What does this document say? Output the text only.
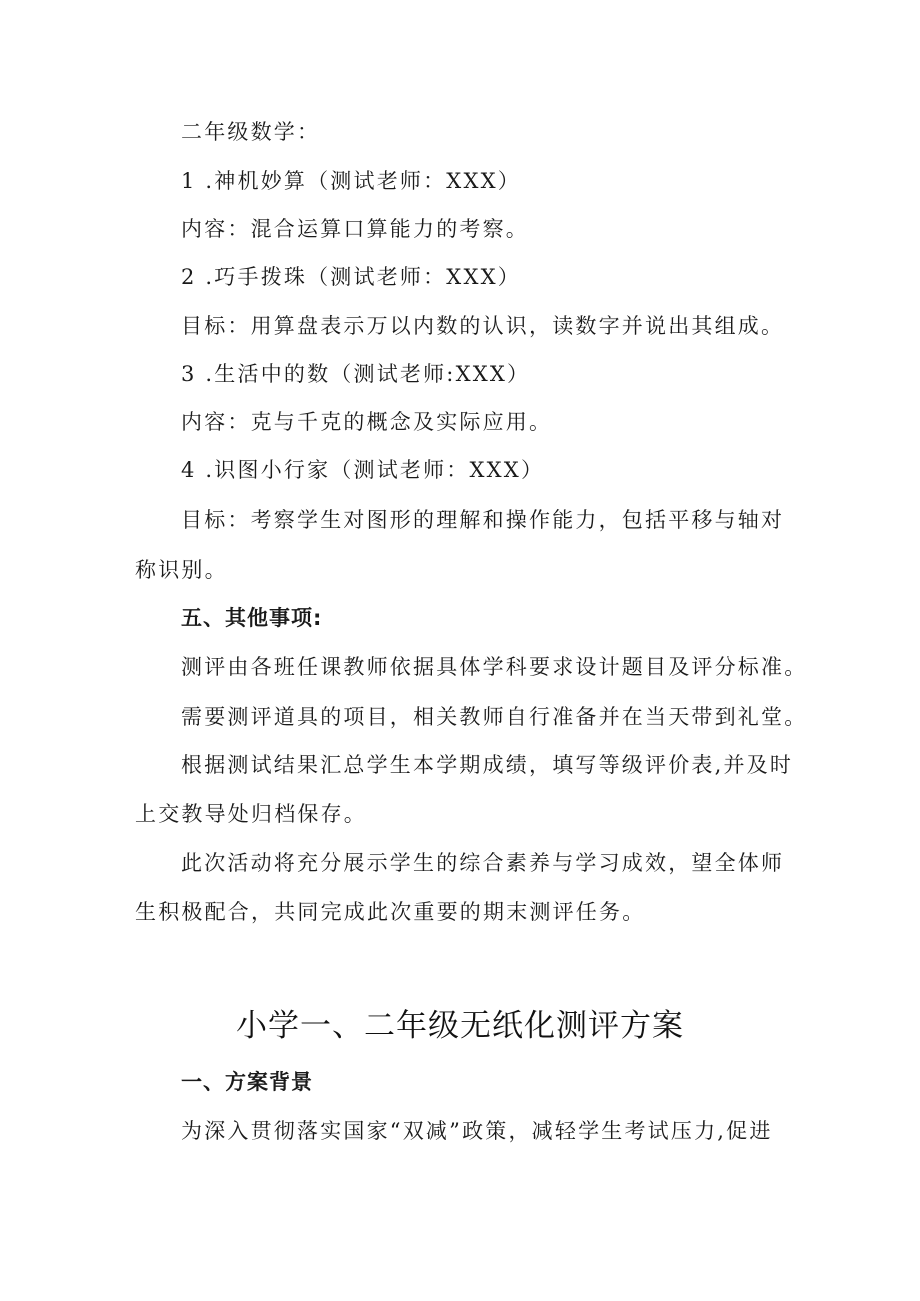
二年级数学：
1 .神机妙算（测试老师：XXX）
内容：混合运算口算能力的考察。
2 .巧手拨珠（测试老师：XXX）
目标：用算盘表示万以内数的认识，读数字并说出其组成。
3 .生活中的数（测试老师:XXX）
内容：克与千克的概念及实际应用。
4 .识图小行家（测试老师：XXX）
目标：考察学生对图形的理解和操作能力，包括平移与轴对
称识别。
五、其他事项:
测评由各班任课教师依据具体学科要求设计题目及评分标准。
需要测评道具的项目，相关教师自行准备并在当天带到礼堂。
根据测试结果汇总学生本学期成绩，填写等级评价表,并及时
上交教导处归档保存。
此次活动将充分展示学生的综合素养与学习成效，望全体师
生积极配合，共同完成此次重要的期末测评任务。
小学一、二年级无纸化测评方案
一、方案背景
为深入贯彻落实国家“双减”政策，减轻学生考试压力,促进
